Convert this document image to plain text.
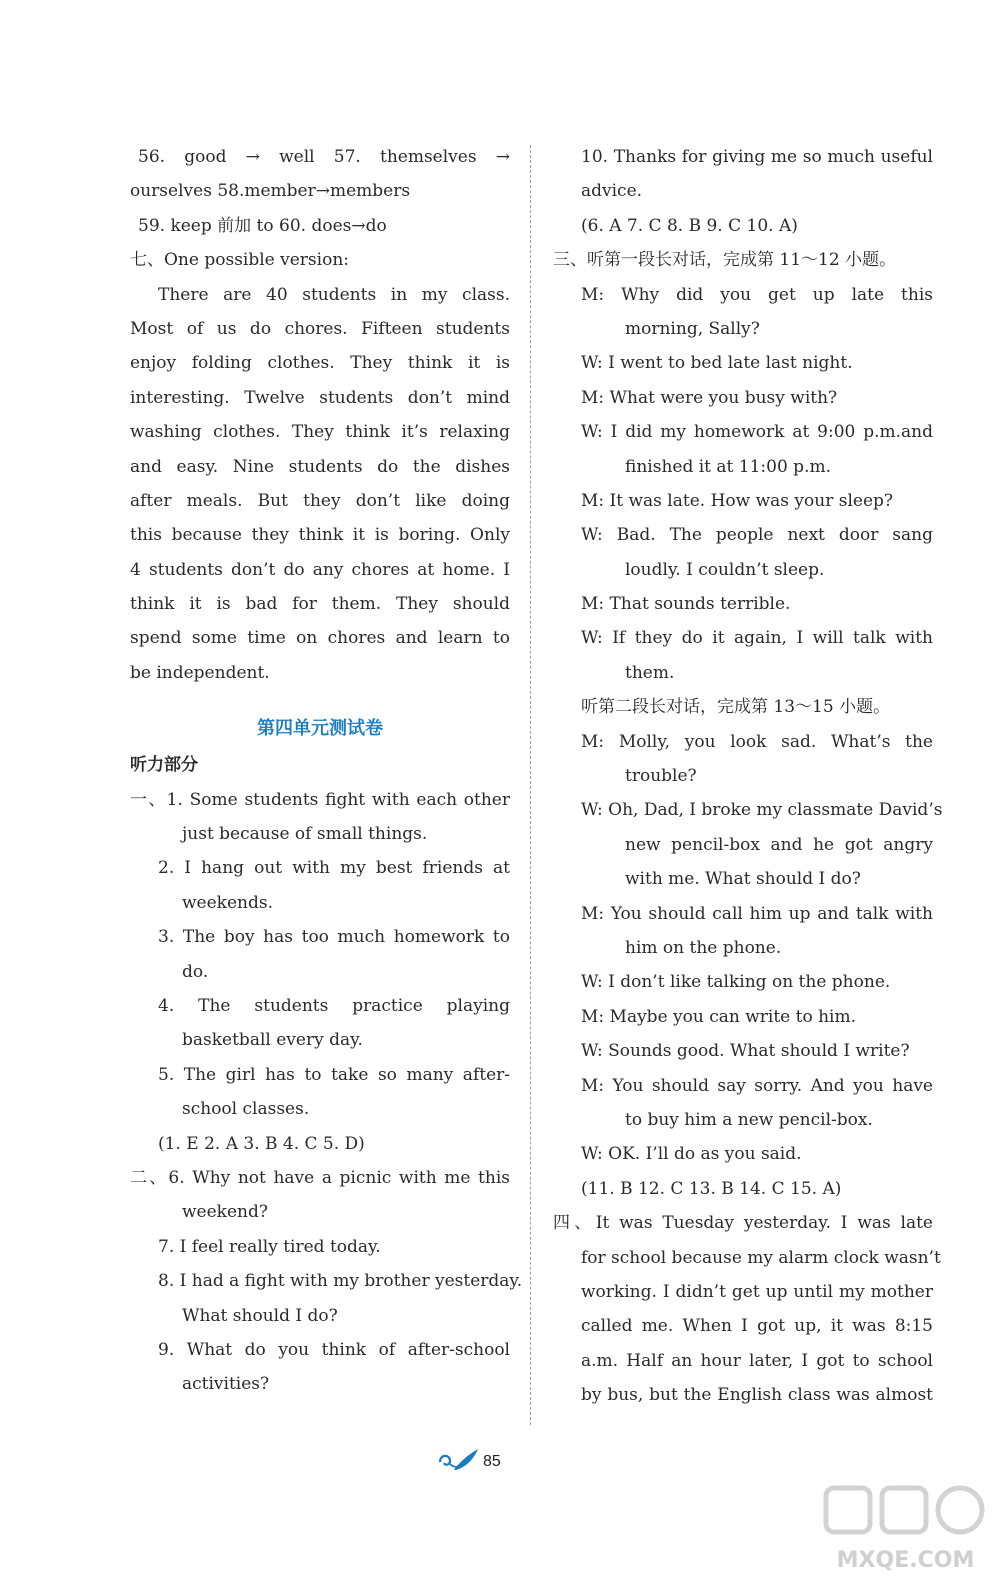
56. good → well 57. themselves →
ourselves 58.member→members
59. keep 前加 to 60. does→do
七、One possible version:
There are 40 students in my class.
Most of us do chores. Fifteen students
enjoy folding clothes. They think it is
interesting. Twelve students don’t mind
washing clothes. They think it’s relaxing
and easy. Nine students do the dishes
after meals. But they don’t like doing
this because they think it is boring. Only
4 students don’t do any chores at home. I
think it is bad for them. They should
spend some time on chores and learn to
be independent.
第四单元测试卷
听力部分
一、1. Some students fight with each other
just because of small things.
2. I hang out with my best friends at
weekends.
3. The boy has too much homework to
do.
4. The students practice playing
basketball every day.
5. The girl has to take so many after-
school classes.
(1. E 2. A 3. B 4. C 5. D)
二、6. Why not have a picnic with me this
weekend?
7. I feel really tired today.
8. I had a fight with my brother yesterday.
What should I do?
9. What do you think of after-school
activities?
10. Thanks for giving me so much useful
advice.
(6. A 7. C 8. B 9. C 10. A)
三、听第一段长对话，完成第 11～12 小题。
M: Why did you get up late this
morning, Sally?
W: I went to bed late last night.
M: What were you busy with?
W: I did my homework at 9:00 p.m.and
finished it at 11:00 p.m.
M: It was late. How was your sleep?
W: Bad. The people next door sang
loudly. I couldn’t sleep.
M: That sounds terrible.
W: If they do it again, I will talk with
them.
听第二段长对话，完成第 13～15 小题。
M: Molly, you look sad. What’s the
trouble?
W: Oh, Dad, I broke my classmate David’s
new pencil-box and he got angry
with me. What should I do?
M: You should call him up and talk with
him on the phone.
W: I don’t like talking on the phone.
M: Maybe you can write to him.
W: Sounds good. What should I write?
M: You should say sorry. And you have
to buy him a new pencil-box.
W: OK. I’ll do as you said.
(11. B 12. C 13. B 14. C 15. A)
四、It was Tuesday yesterday. I was late
for school because my alarm clock wasn’t
working. I didn’t get up until my mother
called me. When I got up, it was 8:15
a.m. Half an hour later, I got to school
by bus, but the English class was almost
85
MXQE.COM
